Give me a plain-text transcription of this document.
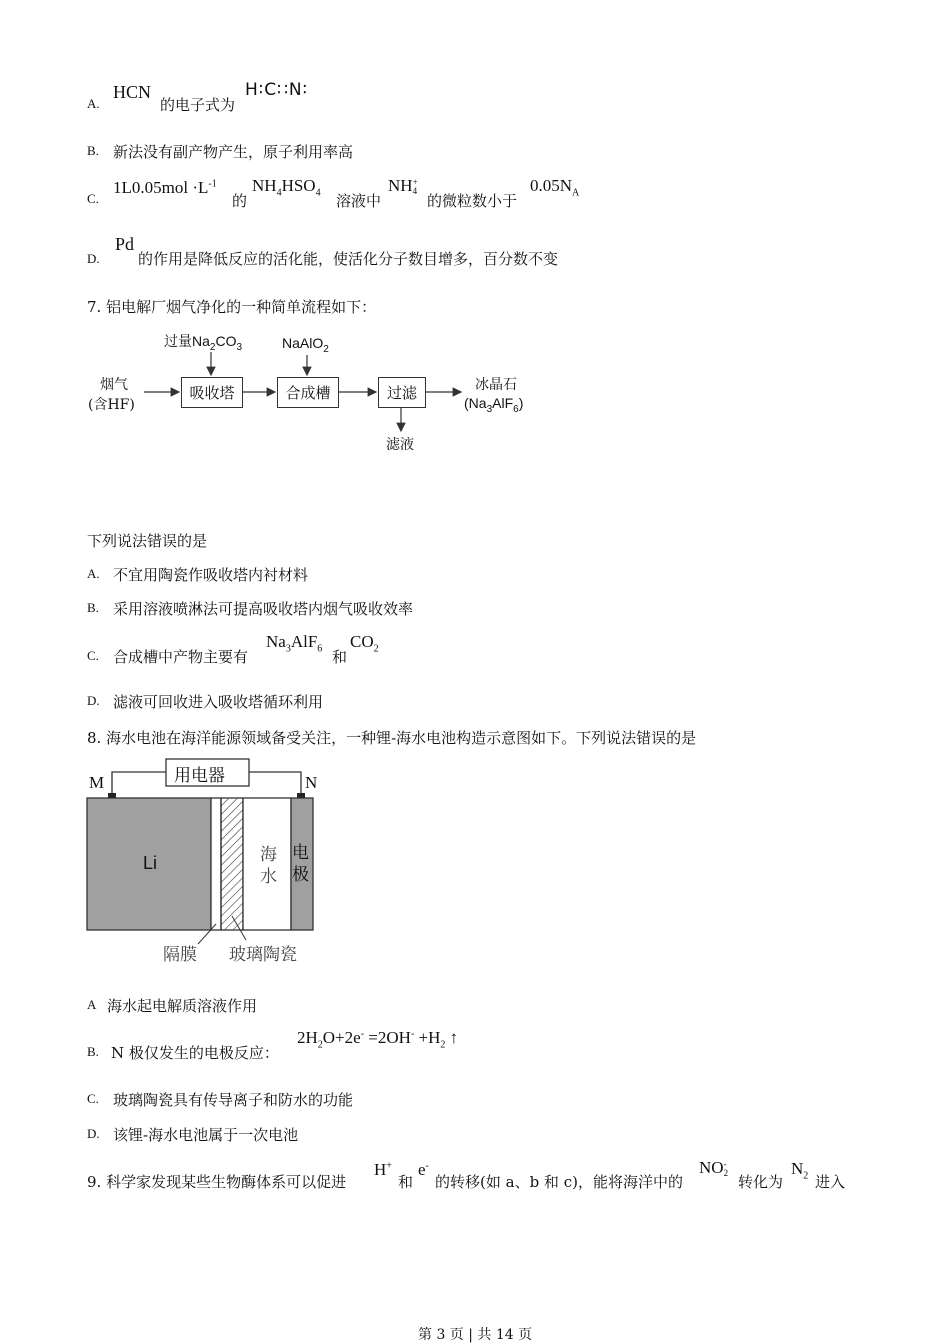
A.
HCN
的电子式为
H∶C∷N∶
B. 新法没有副产物产生，原子利用率高
C.
$1L0.05mol \cdot L^{-1}$
的
$NH_4HSO_4$ 溶液中
NH+
4
的微粒数小于
$0.05N_A$
D.
Pd
的作用是降低反应的活化能，使活化分子数目增多，百分数不变
7. 铝电解厂烟气净化的一种简单流程如下：
过量$Na_2CO_3$	NaAlO$_2$
烟气
(含HF)
吸收塔	合成槽	过滤	冰晶石
$(Na_3AlF_6)$
滤液
下列说法错误的是
A. 不宜用陶瓷作吸收塔内衬材料
B. 采用溶液喷淋法可提高吸收塔内烟气吸收效率
C. 合成槽中产物主要有
$Na_3AlF_6$ 和
$CO_2$
D. 滤液可回收进入吸收塔循环利用
8. 海水电池在海洋能源领域备受关注，一种锂-海水电池构造示意图如下。下列说法错误的是
用电器
M	N
Li	海
水
电
极
隔膜 玻璃陶瓷
A 海水起电解质溶液作用
B. N 极仅发生的电极反应：
$2H_2O+2e^- =2OH^- +H_2$ ↑
C. 玻璃陶瓷具有传导离子和防水的功能
D. 该锂-海水电池属于一次电池
9. 科学家发现某些生物酶体系可以促进
H+
和
e-
的转移(如 a、b 和 c)，能将海洋中的
NO-
2 转化为
$N_2$ 进入
第 3 页 | 共 14 页
